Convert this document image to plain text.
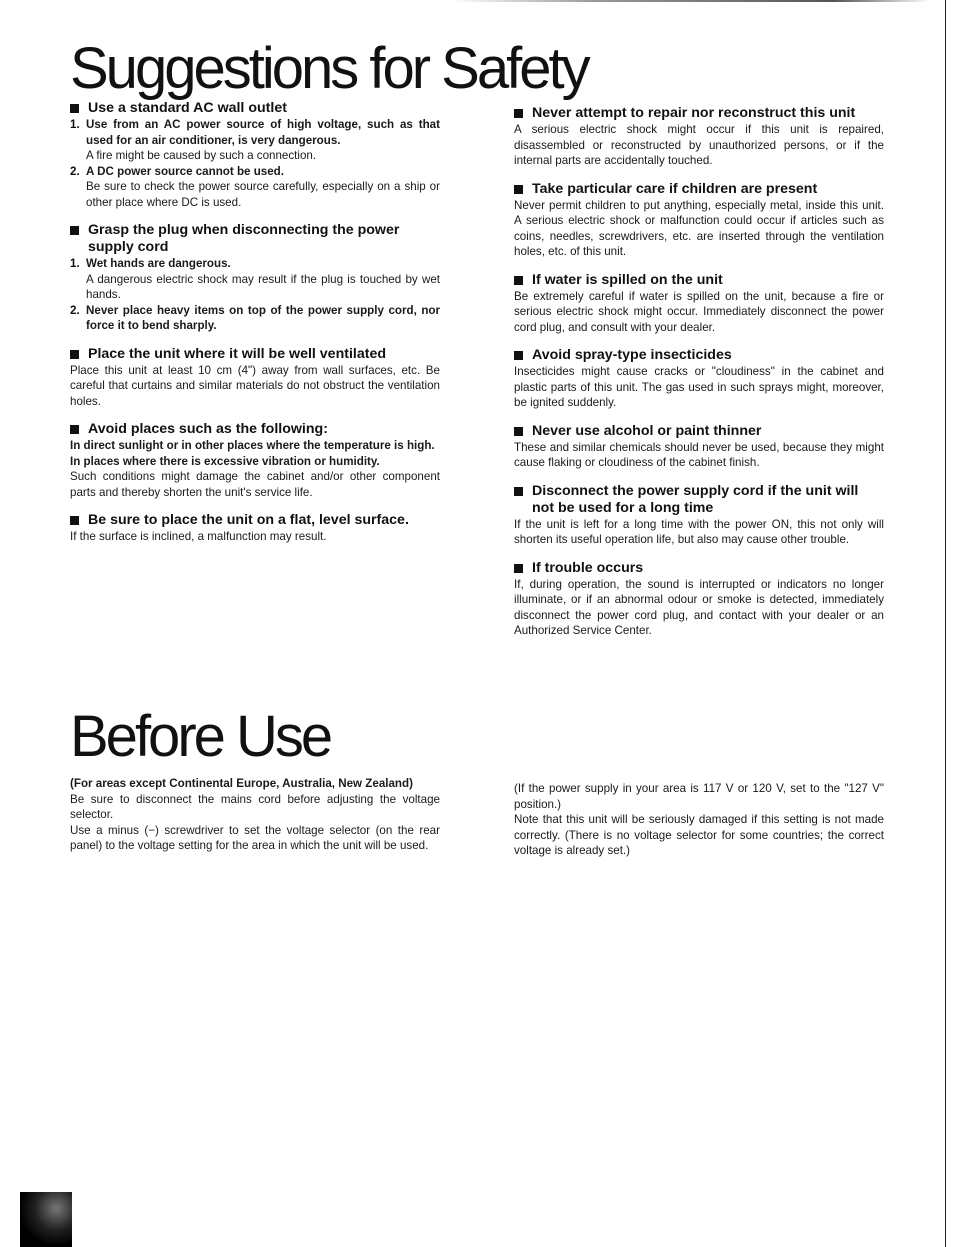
Suggestions for Safety
Use a standard AC wall outlet
1. Use from an AC power source of high voltage, such as that used for an air conditioner, is very dangerous.
A fire might be caused by such a connection.
2. A DC power source cannot be used.
Be sure to check the power source carefully, especially on a ship or other place where DC is used.
Grasp the plug when disconnecting the power supply cord
1. Wet hands are dangerous.
A dangerous electric shock may result if the plug is touched by wet hands.
2. Never place heavy items on top of the power supply cord, nor force it to bend sharply.
Place the unit where it will be well ventilated
Place this unit at least 10 cm (4") away from wall surfaces, etc. Be careful that curtains and similar materials do not obstruct the ventilation holes.
Avoid places such as the following:
In direct sunlight or in other places where the temperature is high.
In places where there is excessive vibration or humidity.
Such conditions might damage the cabinet and/or other component parts and thereby shorten the unit's service life.
Be sure to place the unit on a flat, level surface.
If the surface is inclined, a malfunction may result.
Never attempt to repair nor reconstruct this unit
A serious electric shock might occur if this unit is repaired, disassembled or reconstructed by unauthorized persons, or if the internal parts are accidentally touched.
Take particular care if children are present
Never permit children to put anything, especially metal, inside this unit. A serious electric shock or malfunction could occur if articles such as coins, needles, screwdrivers, etc. are inserted through the ventilation holes, etc. of this unit.
If water is spilled on the unit
Be extremely careful if water is spilled on the unit, because a fire or serious electric shock might occur. Immediately disconnect the power cord plug, and consult with your dealer.
Avoid spray-type insecticides
Insecticides might cause cracks or "cloudiness" in the cabinet and plastic parts of this unit. The gas used in such sprays might, moreover, be ignited suddenly.
Never use alcohol or paint thinner
These and similar chemicals should never be used, because they might cause flaking or cloudiness of the cabinet finish.
Disconnect the power supply cord if the unit will not be used for a long time
If the unit is left for a long time with the power ON, this not only will shorten its useful operation life, but also may cause other trouble.
If trouble occurs
If, during operation, the sound is interrupted or indicators no longer illuminate, or if an abnormal odour or smoke is detected, immediately disconnect the power cord plug, and contact with your dealer or an Authorized Service Center.
Before Use
(For areas except Continental Europe, Australia, New Zealand)
Be sure to disconnect the mains cord before adjusting the voltage selector.
Use a minus (−) screwdriver to set the voltage selector (on the rear panel) to the voltage setting for the area in which the unit will be used.
(If the power supply in your area is 117 V or 120 V, set to the "127 V" position.)
Note that this unit will be seriously damaged if this setting is not made correctly. (There is no voltage selector for some countries; the correct voltage is already set.)
